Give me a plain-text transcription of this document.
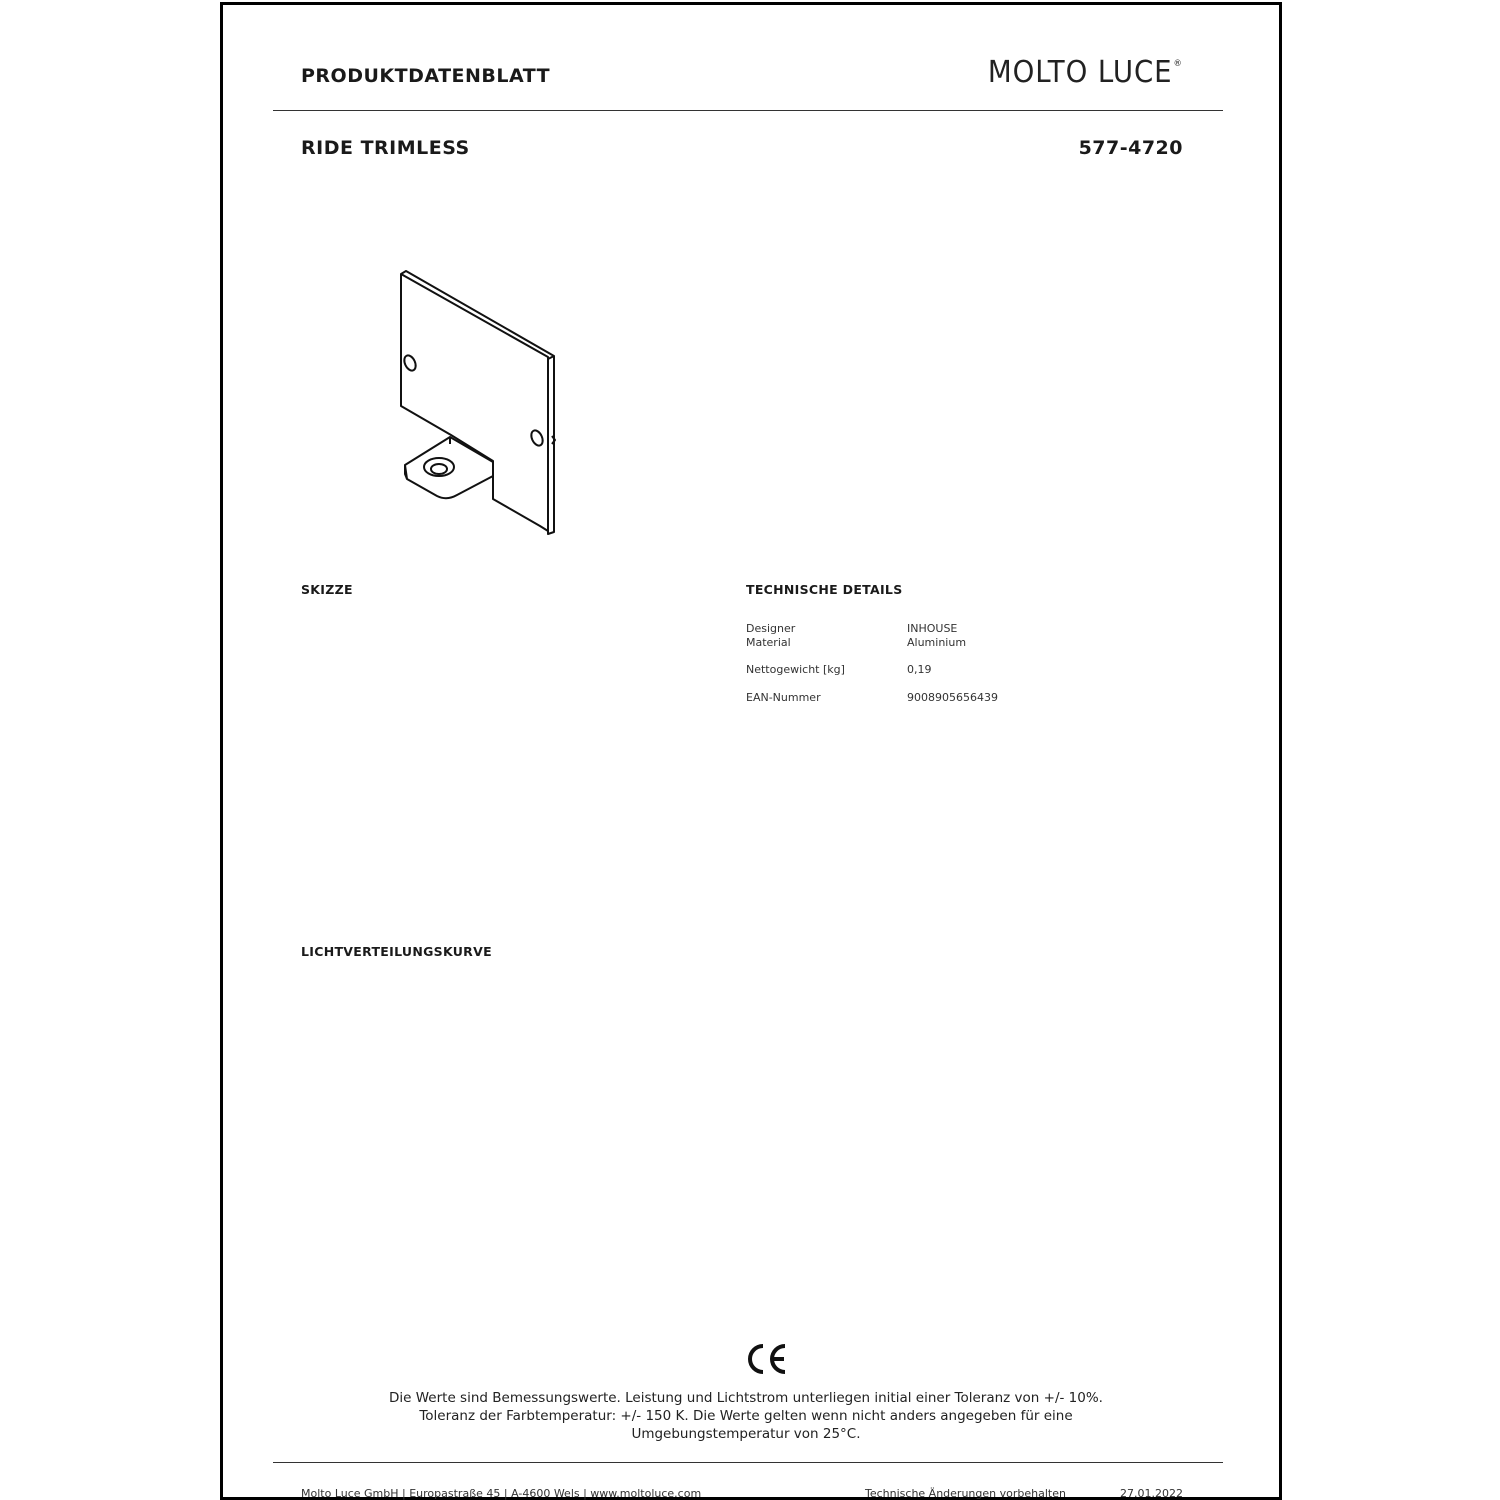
PRODUKTDATENBLATT	MOLTO LUCE®
RIDE TRIMLESS	577-4720
SKIZZE	TECHNISCHE DETAILS
Designer	INHOUSE
Material	Aluminium
Nettogewicht [kg]	0,19
EAN-Nummer	9008905656439
LICHTVERTEILUNGSKURVE
Die Werte sind Bemessungswerte. Leistung und Lichtstrom unterliegen initial einer Toleranz von +/- 10%.
Toleranz der Farbtemperatur: +/- 150 K. Die Werte gelten wenn nicht anders angegeben für eine
Umgebungstemperatur von 25°C.
Molto Luce GmbH | Europastraße 45 | A-4600 Wels | www.moltoluce.com	Technische Änderungen vorbehalten	27.01.2022
